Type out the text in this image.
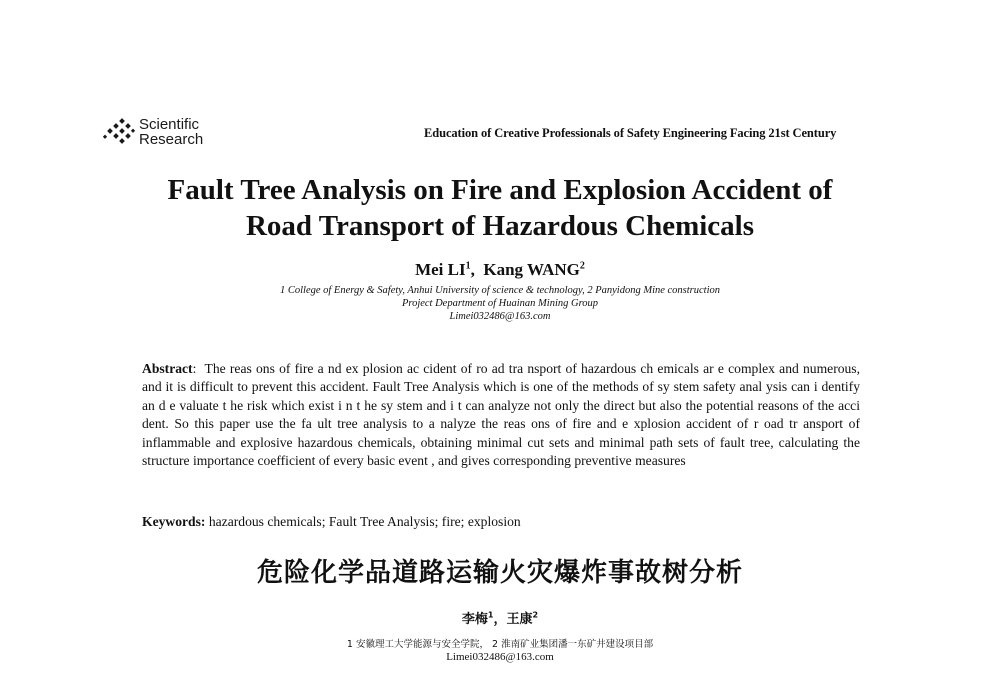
Scientific
Research	Education of Creative Professionals of Safety Engineering Facing 21st Century
Fault Tree Analysis on Fire and Explosion Accident of
Road Transport of Hazardous Chemicals
Mei $LI^1$,  Kang WANG$^2$
1 College of Energy & Safety, Anhui University of science & technology, 2 Panyidong Mine construction
Project Department of Huainan Mining Group
Limei032486@163.com
Abstract:  The reas ons of fire a nd ex plosion ac cident of ro ad tra nsport of hazardous ch emicals ar e complex and numerous, and it is difficult to prevent this accident. Fault Tree Analysis which is one of the methods of sy stem safety anal ysis can i dentify an d e valuate t he risk which exist i n t he sy stem and i t can analyze not only the direct but also the potential reasons of the acci dent. So this paper use the fa ult tree analysis to a nalyze the reas ons of fire and e xplosion accident of r oad tr ansport of inflammable and explosive hazardous chemicals, obtaining minimal cut sets and minimal path sets of fault tree, calculating the structure importance coefficient of every basic event , and gives corresponding preventive measures
Keywords: hazardous chemicals; Fault Tree Analysis; fire; explosion
危险化学品道路运输火灾爆炸事故树分析
李梅$^1$，王康$^2$
1 安徽理工大学能源与安全学院， 2 淮南矿业集团潘一东矿井建设项目部
Limei032486@163.com
